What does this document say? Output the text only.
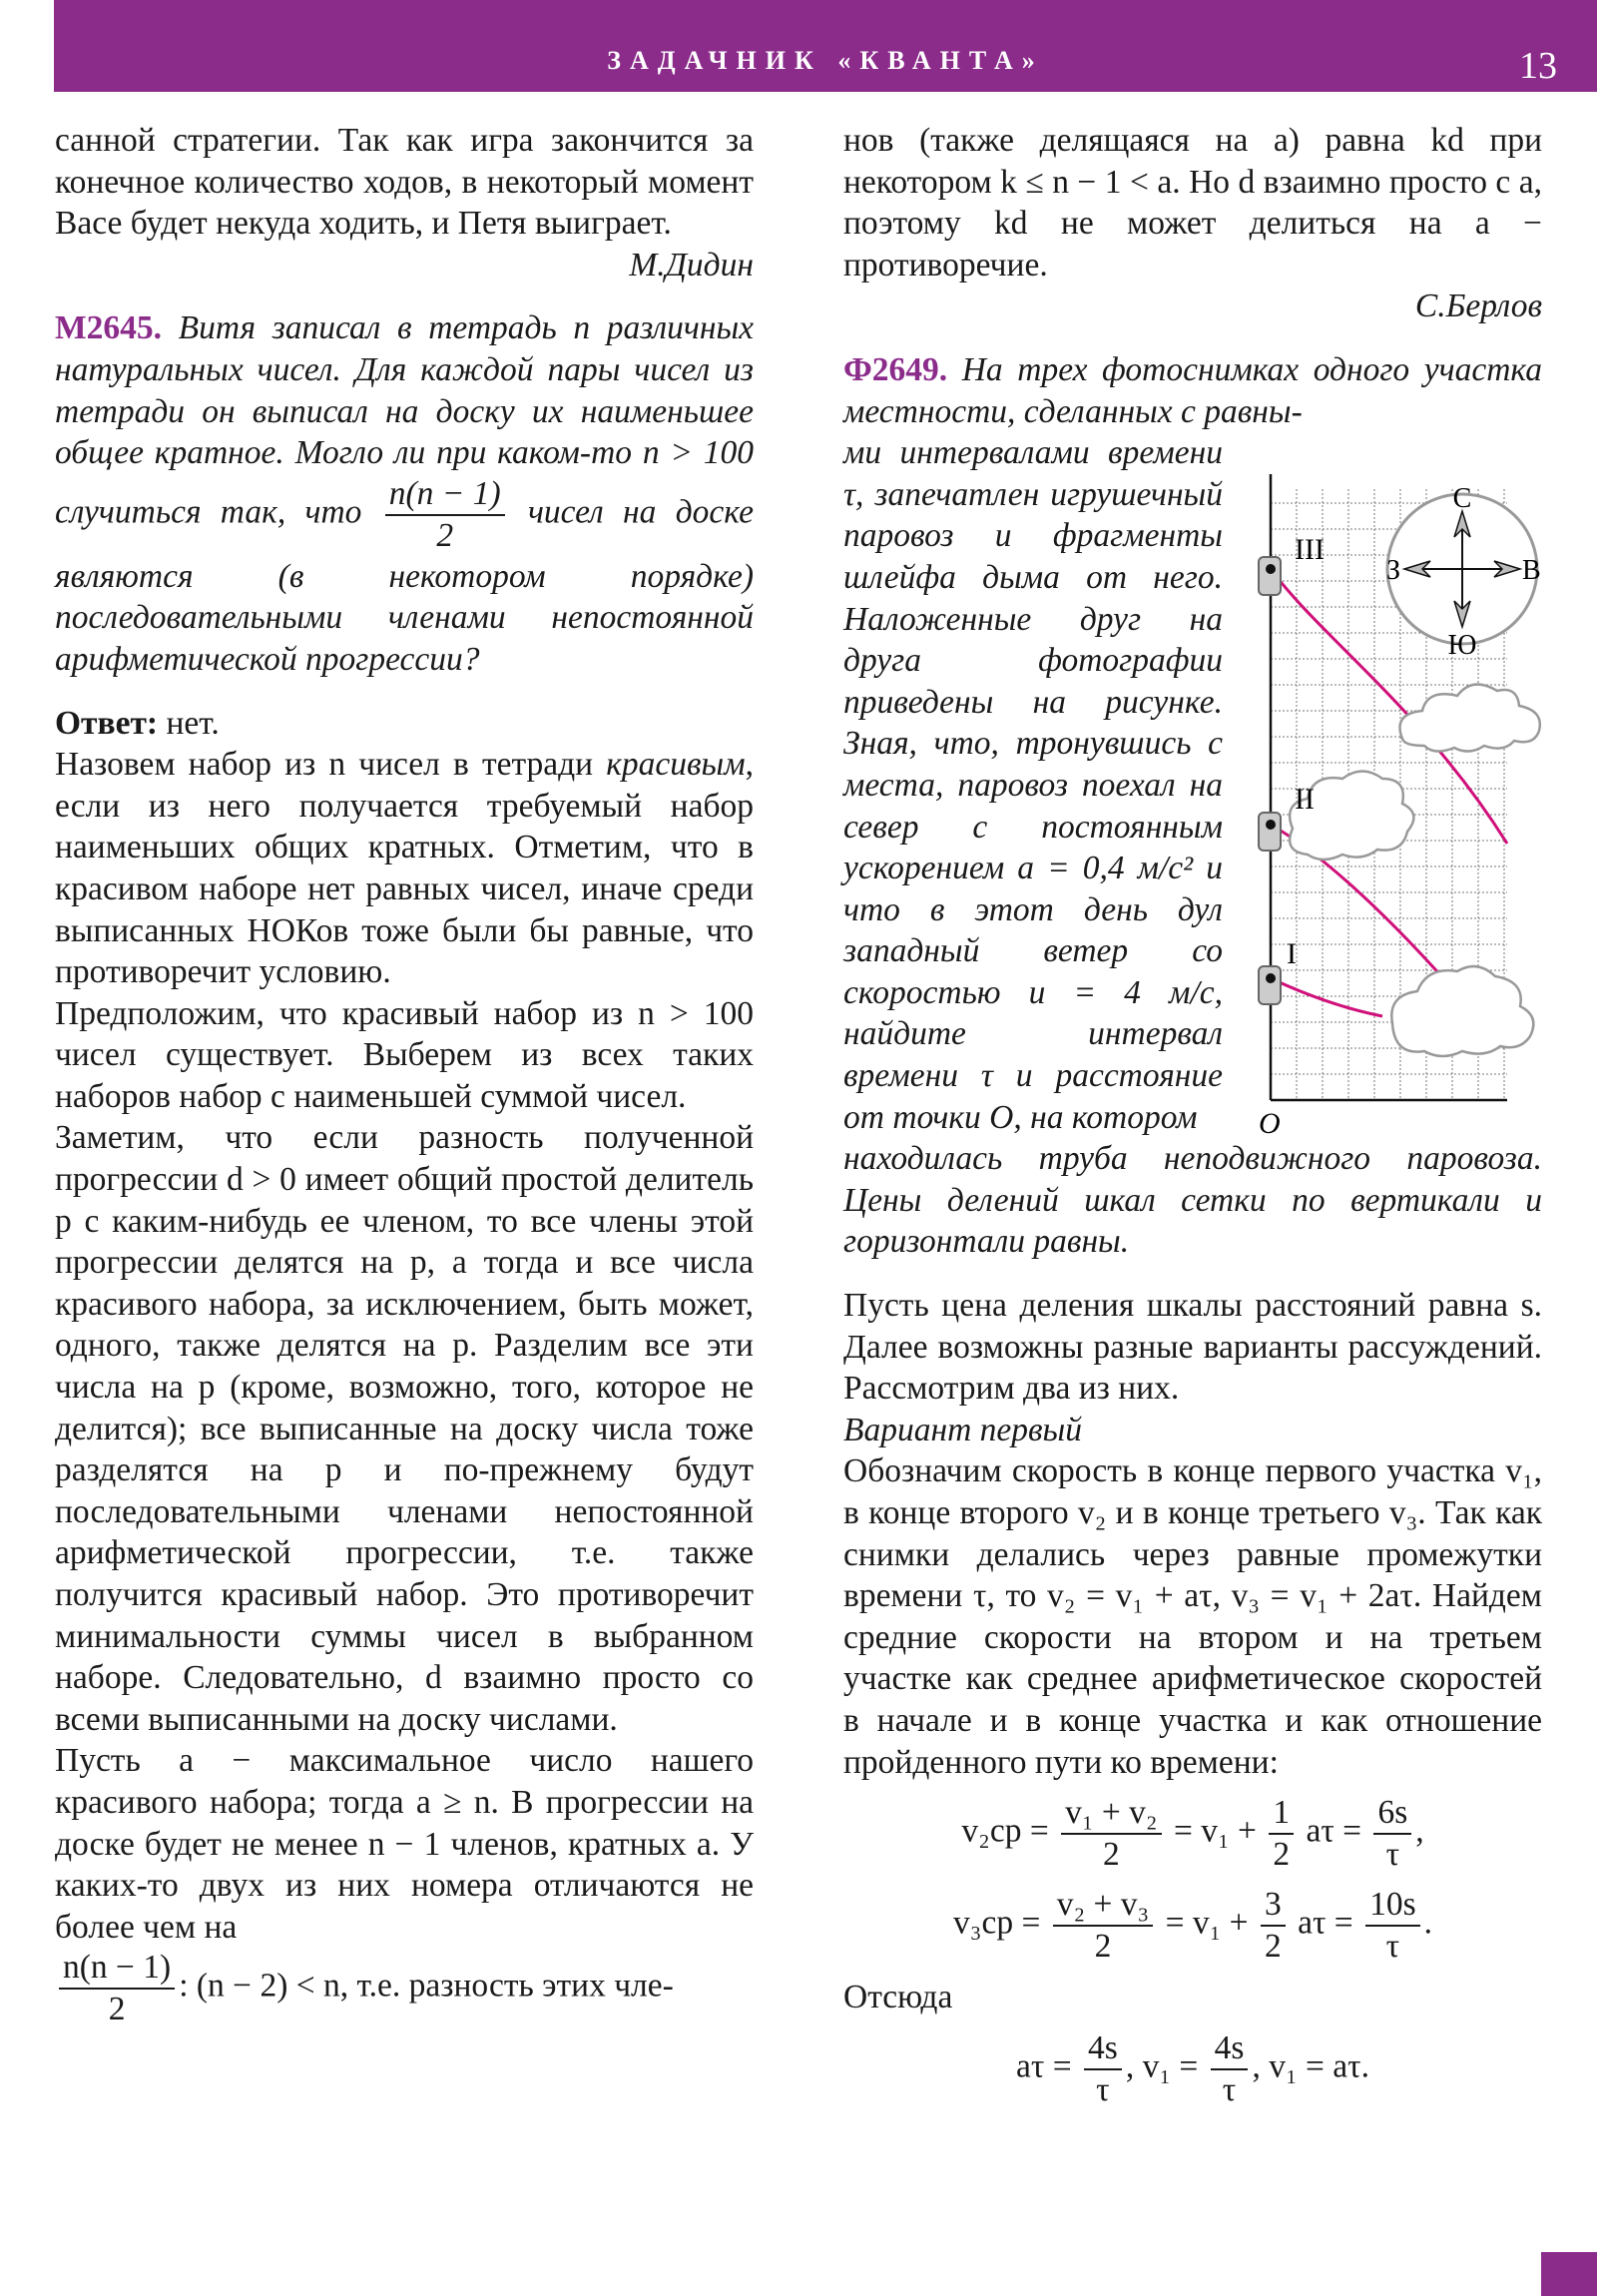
ЗАДАЧНИК «КВАНТА»	13

санной стратегии. Так как игра закончится за конечное количество ходов, в некоторый момент Васе будет некуда ходить, и Петя выиграет.

М.Дидин

М2645. Витя записал в тетрадь n различных натуральных чисел. Для каждой пары чисел из тетради он выписал на доску их наименьшее общее кратное. Могло ли при каком-то n > 100 случиться так, что $\frac{n(n - 1)}{2}$ чисел на доске являются (в некотором порядке) последовательными членами непостоянной арифметической прогрессии?

Ответ: нет.

Назовем набор из n чисел в тетради красивым, если из него получается требуемый набор наименьших общих кратных. Отметим, что в красивом наборе нет равных чисел, иначе среди выписанных НОКов тоже были бы равные, что противоречит условию.

Предположим, что красивый набор из n > 100 чисел существует. Выберем из всех таких наборов набор с наименьшей суммой чисел.

Заметим, что если разность полученной прогрессии d > 0 имеет общий простой делитель p с каким-нибудь ее членом, то все члены этой прогрессии делятся на p, а тогда и все числа красивого набора, за исключением, быть может, одного, также делятся на p. Разделим все эти числа на p (кроме, возможно, того, которое не делится); все выписанные на доску числа тоже разделятся на p и по-прежнему будут последовательными членами непостоянной арифметической прогрессии, т.е. также получится красивый набор. Это противоречит минимальности суммы чисел в выбранном наборе. Следовательно, d взаимно просто со всеми выписанными на доску числами.

Пусть a − максимальное число нашего красивого набора; тогда a ≥ n. В прогрессии на доске будет не менее n − 1 членов, кратных a. У каких-то двух из них номера отличаются не более чем на

$\frac{n(n - 1)}{2}$ : (n − 2) < n, т.е. разность этих чле-

нов (также делящаяся на a) равна kd при некотором k ≤ n − 1 < a. Но d взаимно просто с a, поэтому kd не может делиться на a − противоречие.

С.Берлов

Ф2649. На трех фотоснимках одного участка местности, сделанных с равны-

ми интервалами времени τ, запечатлен игрушечный паровоз и фрагменты шлейфа дыма от него. Наложенные друг на друга фотографии приведены на рисунке. Зная, что, тронувшись с места, паровоз поехал на север с постоянным ускорением a = 0,4 м/с² и что в этот день дул западный ветер со скоростью u = 4 м/с, найдите интервал времени τ и расстояние от точки O, на котором

находилась труба неподвижного паровоза. Цены делений шкал сетки по вертикали и горизонтали равны.

Пусть цена деления шкалы расстояний равна s. Далее возможны разные варианты рассуждений. Рассмотрим два из них.

Вариант первый

Обозначим скорость в конце первого участка v₁, в конце второго v₂ и в конце третьего v₃. Так как снимки делались через равные промежутки времени τ, то v₂ = v₁ + aτ, v₃ = v₁ + 2aτ. Найдем средние скорости на втором и на третьем участке как среднее арифметическое скоростей в начале и в конце участка и как отношение пройденного пути ко времени:

$v_2ср = \frac{\text{v₁ + v₂}}{2} = v_1 + \frac{1}{2}$ $a\tau = \frac{6s}{\tau}$ ,
$v_3ср = \frac{\text{v₂ + v₃}}{2} = v_1 + \frac{3}{2}$ $a\tau = \frac{10s}{\tau}$ .

Отсюда

$a\tau = \frac{4s}{\tau}$ , $v_1 = \frac{4s}{\tau}$ , v₁ = aτ.
С
Ю
З	В
III
II
I
O
